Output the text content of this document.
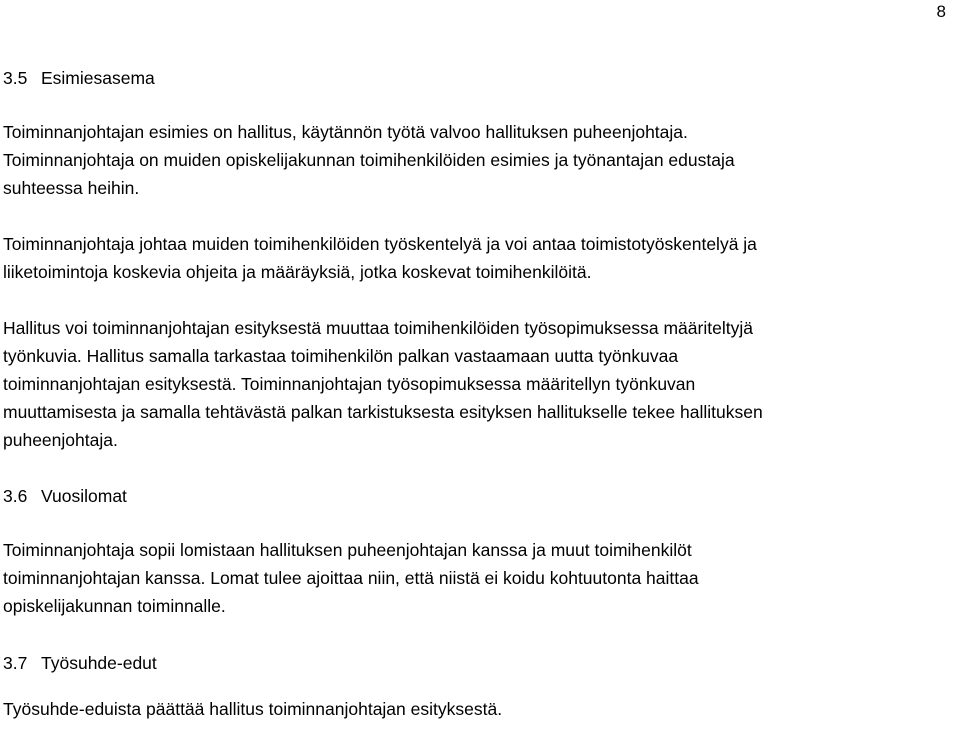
8
3.5 Esimiesasema
Toiminnanjohtajan esimies on hallitus, käytännön työtä valvoo hallituksen puheenjohtaja.
Toiminnanjohtaja on muiden opiskelijakunnan toimihenkilöiden esimies ja työnantajan edustaja
suhteessa heihin.
Toiminnanjohtaja johtaa muiden toimihenkilöiden työskentelyä ja voi antaa toimistotyöskentelyä ja
liiketoimintoja koskevia ohjeita ja määräyksiä, jotka koskevat toimihenkilöitä.
Hallitus voi toiminnanjohtajan esityksestä muuttaa toimihenkilöiden työsopimuksessa määriteltyjä
työnkuvia. Hallitus samalla tarkastaa toimihenkilön palkan vastaamaan uutta työnkuvaa
toiminnanjohtajan esityksestä. Toiminnanjohtajan työsopimuksessa määritellyn työnkuvan
muuttamisesta ja samalla tehtävästä palkan tarkistuksesta esityksen hallitukselle tekee hallituksen
puheenjohtaja.
3.6 Vuosilomat
Toiminnanjohtaja sopii lomistaan hallituksen puheenjohtajan kanssa ja muut toimihenkilöt
toiminnanjohtajan kanssa. Lomat tulee ajoittaa niin, että niistä ei koidu kohtuutonta haittaa
opiskelijakunnan toiminnalle.
3.7 Työsuhde-edut
Työsuhde-eduista päättää hallitus toiminnanjohtajan esityksestä.
